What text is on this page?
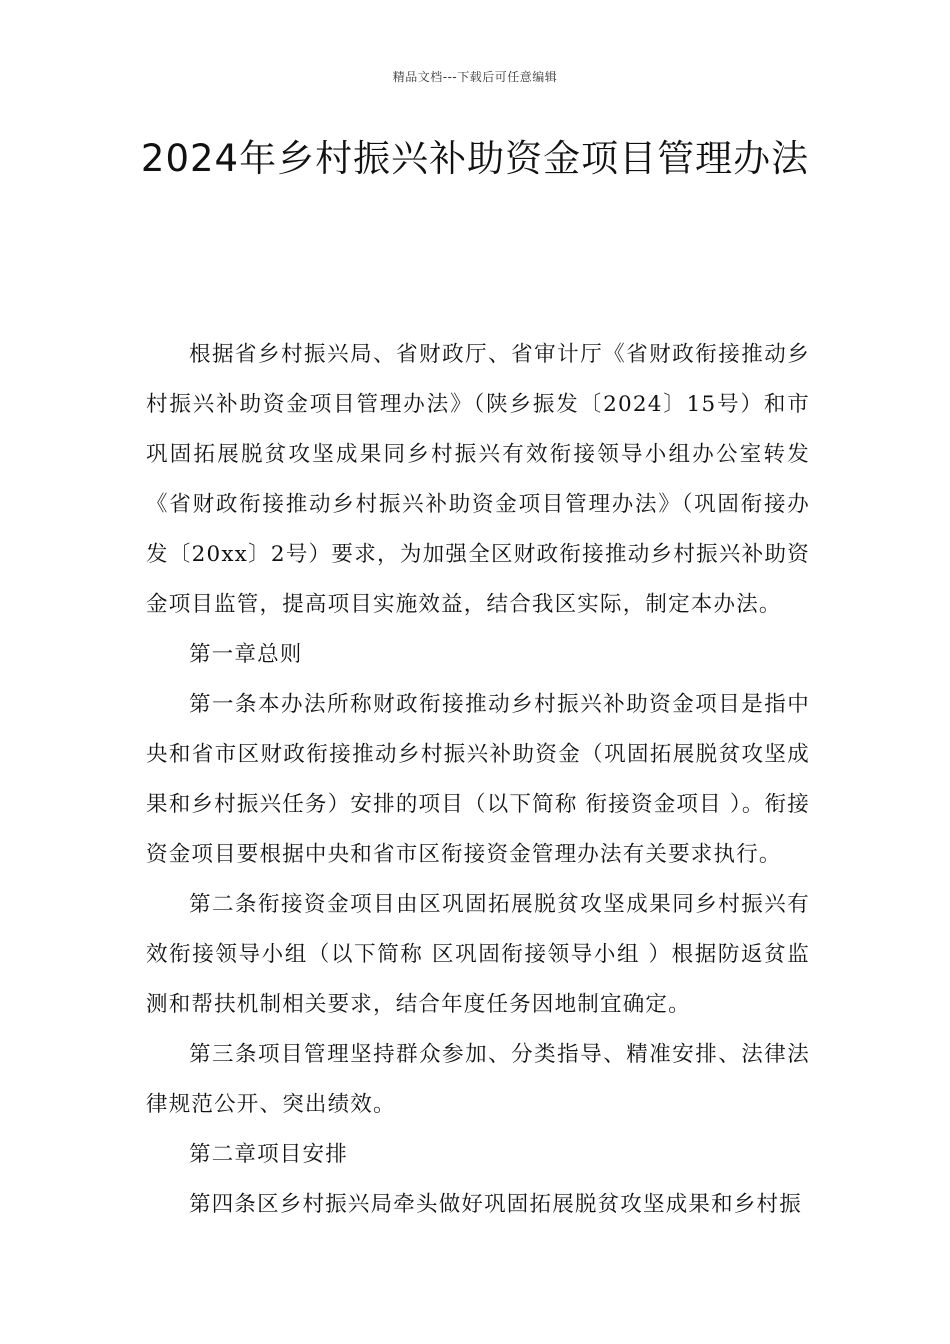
精品文档---下载后可任意编辑
2024年乡村振兴补助资金项目管理办法

根据省乡村振兴局、省财政厅、省审计厅《省财政衔接推动乡村振兴补助资金项目管理办法》（陕乡振发〔2024〕15号）和市巩固拓展脱贫攻坚成果同乡村振兴有效衔接领导小组办公室转发《省财政衔接推动乡村振兴补助资金项目管理办法》（巩固衔接办发〔20xx〕2号）要求，为加强全区财政衔接推动乡村振兴补助资金项目监管，提高项目实施效益，结合我区实际，制定本办法。

第一章总则

第一条本办法所称财政衔接推动乡村振兴补助资金项目是指中央和省市区财政衔接推动乡村振兴补助资金（巩固拓展脱贫攻坚成果和乡村振兴任务）安排的项目（以下简称 衔接资金项目 ）。衔接资金项目要根据中央和省市区衔接资金管理办法有关要求执行。

第二条衔接资金项目由区巩固拓展脱贫攻坚成果同乡村振兴有效衔接领导小组（以下简称 区巩固衔接领导小组 ）根据防返贫监测和帮扶机制相关要求，结合年度任务因地制宜确定。

第三条项目管理坚持群众参加、分类指导、精准安排、法律法律规范公开、突出绩效。

第二章项目安排

第四条区乡村振兴局牵头做好巩固拓展脱贫攻坚成果和乡村振
